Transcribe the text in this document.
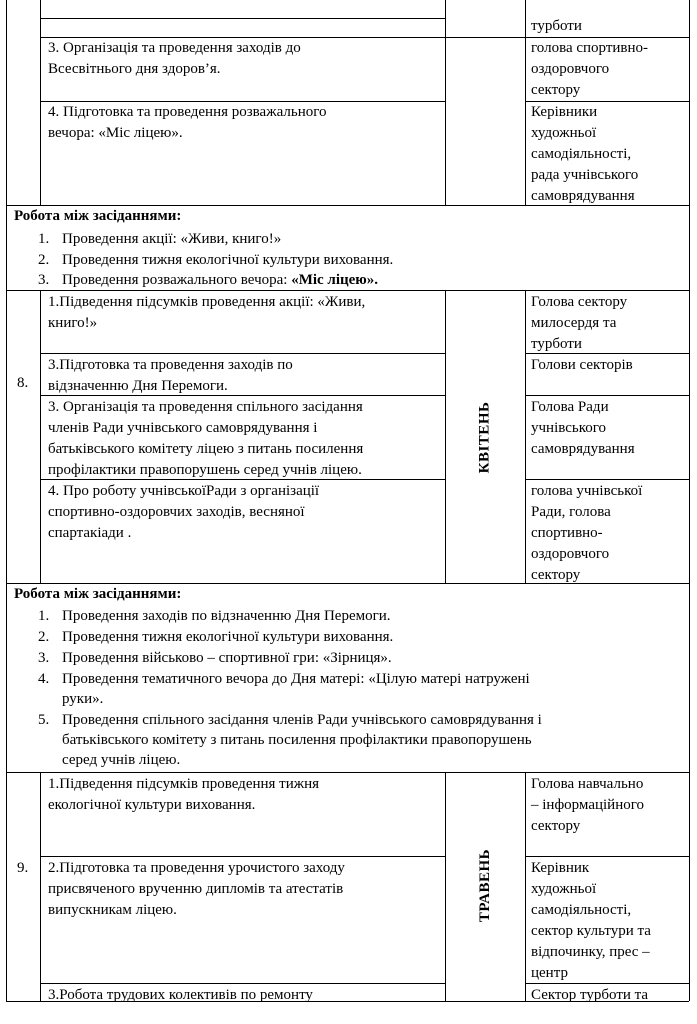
турботи
3. Організація та проведення заходів до
Всесвітнього дня здоров’я.
голова спортивно-
оздоровчого
сектору
4. Підготовка та проведення розважального
вечора: «Міс ліцею».
Керівники
художньої
самодіяльності,
рада учнівського
самоврядування
Робота між засіданнями:
1. Проведення акції: «Живи, книго!»
2. Проведення тижня екологічної культури виховання.
3. Проведення розважального вечора: «Міс ліцею».
8.
КВІТЕНЬ
1.Підведення підсумків проведення акції: «Живи,
книго!»
Голова сектору
милосердя та
турботи
3.Підготовка та проведення заходів по
відзначенню Дня Перемоги.
Голови секторів
3. Організація та проведення спільного засідання
членів Ради учнівського самоврядування і
батьківського комітету ліцею з питань посилення
профілактики правопорушень серед учнів ліцею.
Голова Ради
учнівського
самоврядування
4. Про роботу учнівськоїРади з організації
спортивно-оздоровчих заходів, весняної
спартакіади .
голова учнівської
Ради, голова
спортивно-
оздоровчого
сектору
Робота між засіданнями:
1. Проведення заходів по відзначенню Дня Перемоги.
2. Проведення тижня екологічної культури виховання.
3. Проведення військово – спортивної гри: «Зірниця».
4. Проведення тематичного вечора до Дня матері: «Цілую матері натружені
руки».
5. Проведення спільного засідання членів Ради учнівського самоврядування і
батьківського комітету з питань посилення профілактики правопорушень
серед учнів ліцею.
9.	ТРАВЕНЬ
1.Підведення підсумків проведення тижня
екологічної культури виховання.
Голова навчально
– інформаційного
сектору
2.Підготовка та проведення урочистого заходу
присвяченого врученню дипломів та атестатів
випускникам ліцею.
Керівник
художньої
самодіяльності,
сектор культури та
відпочинку, прес –
центр
3.Робота трудових колективів по ремонту	Сектор турботи та
